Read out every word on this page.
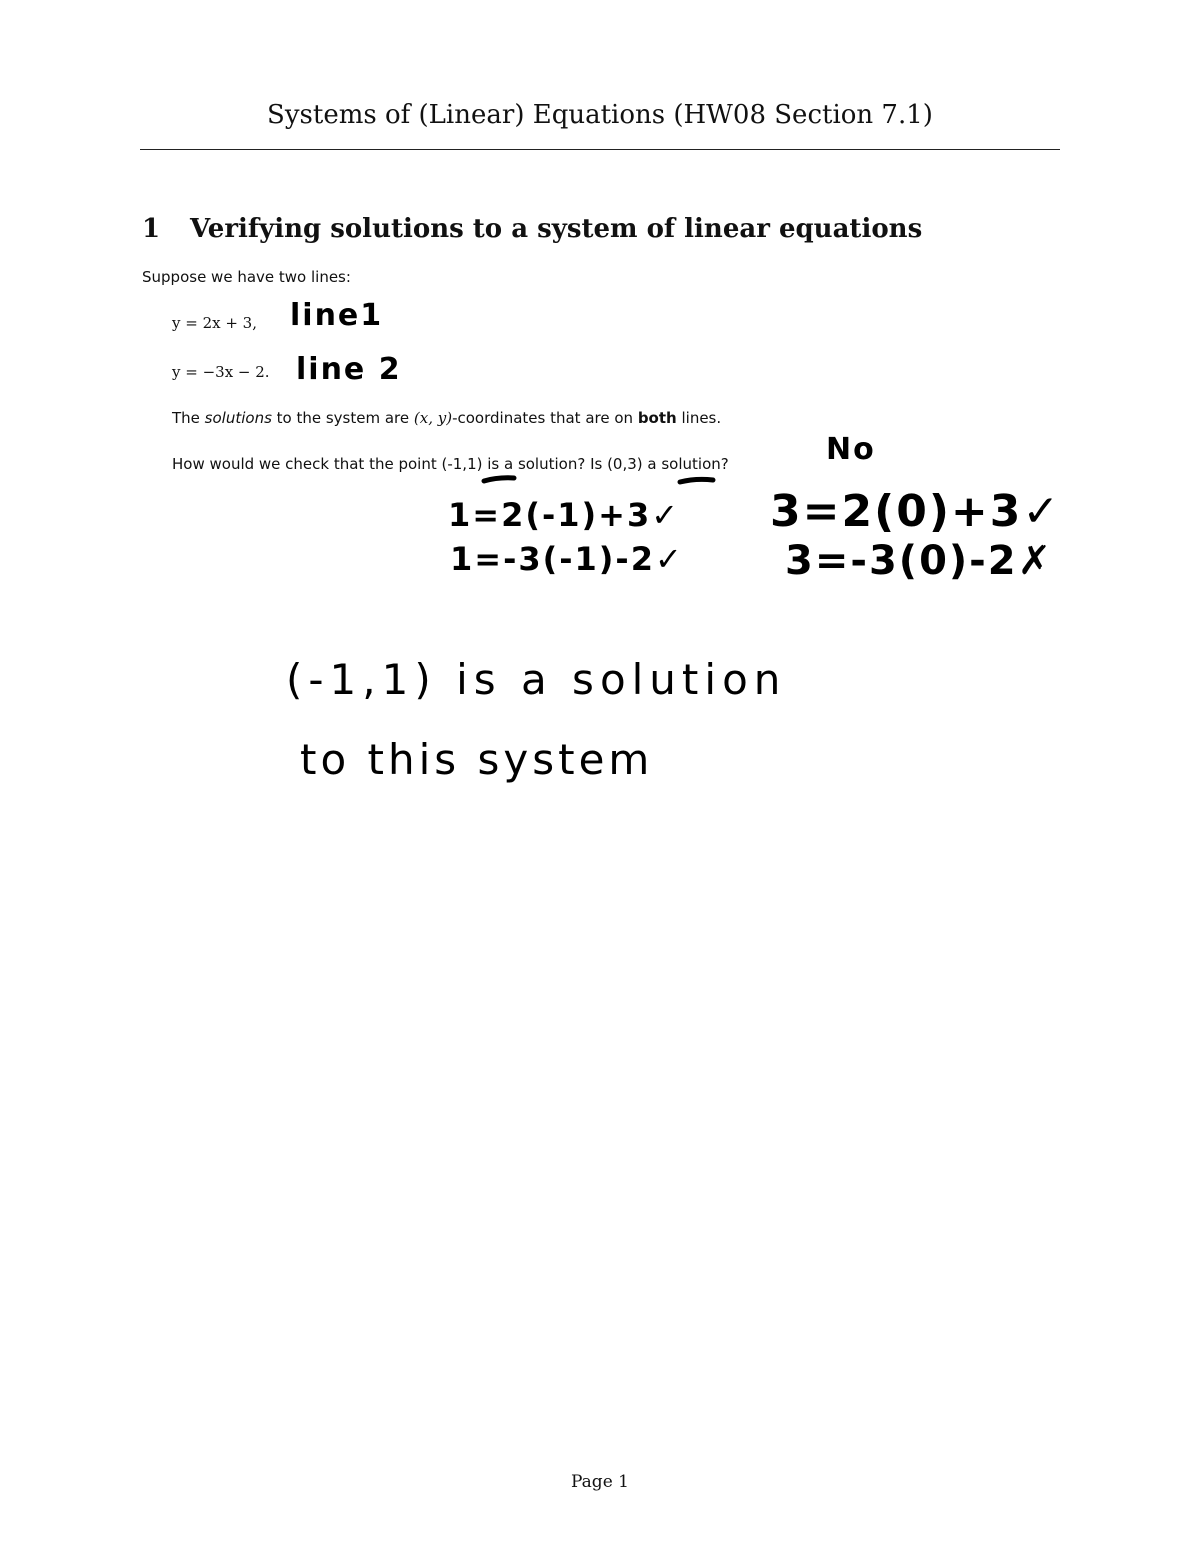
Systems of (Linear) Equations (HW08 Section 7.1)
1 Verifying solutions to a system of linear equations
Suppose we have two lines:
y = 2x + 3,
y = −3x − 2.
The solutions to the system are (x, y)-coordinates that are on both lines.
How would we check that the point (-1,1) is a solution? Is (0,3) a solution?
line1
line 2
No
1=2(-1)+3✓
1=-3(-1)-2✓
3=2(0)+3✓
3=-3(0)-2✗
(-1,1) is a solution
to this system
Page 1
